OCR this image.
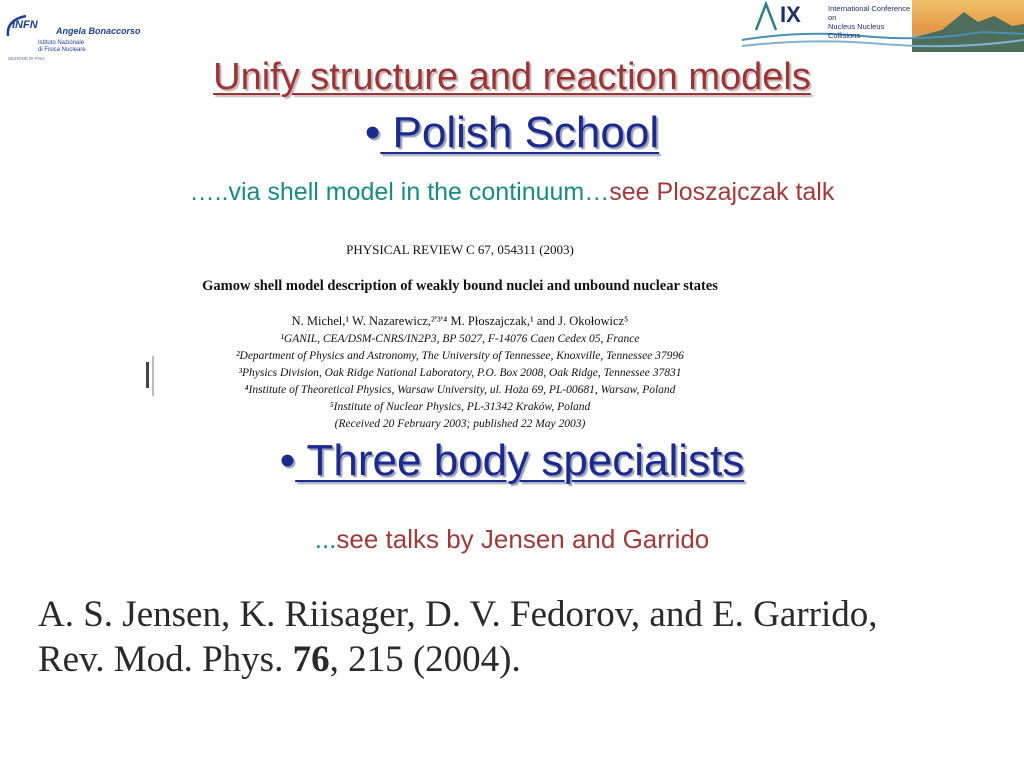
INFN Angela Bonaccorso
Istituto Nazionale
di Fisica Nucleare
SEZIONE DI PISA
IX	International Conference on
Nucleus Nucleus Collisions
Unify structure and reaction models
• Polish School
…..via shell model in the continuum…see Ploszajczak talk
PHYSICAL REVIEW C 67, 054311 (2003)
Gamow shell model description of weakly bound nuclei and unbound nuclear states
N. Michel,¹ W. Nazarewicz,²'³'⁴ M. Płoszajczak,¹ and J. Okołowicz⁵
¹GANIL, CEA/DSM-CNRS/IN2P3, BP 5027, F-14076 Caen Cedex 05, France
²Department of Physics and Astronomy, The University of Tennessee, Knoxville, Tennessee 37996
³Physics Division, Oak Ridge National Laboratory, P.O. Box 2008, Oak Ridge, Tennessee 37831
⁴Institute of Theoretical Physics, Warsaw University, ul. Hoża 69, PL-00681, Warsaw, Poland
⁵Institute of Nuclear Physics, PL-31342 Kraków, Poland
(Received 20 February 2003; published 22 May 2003)
• Three body specialists
...see talks by Jensen and Garrido
A. S. Jensen, K. Riisager, D. V. Fedorov, and E. Garrido,
Rev. Mod. Phys. 76, 215 (2004).
